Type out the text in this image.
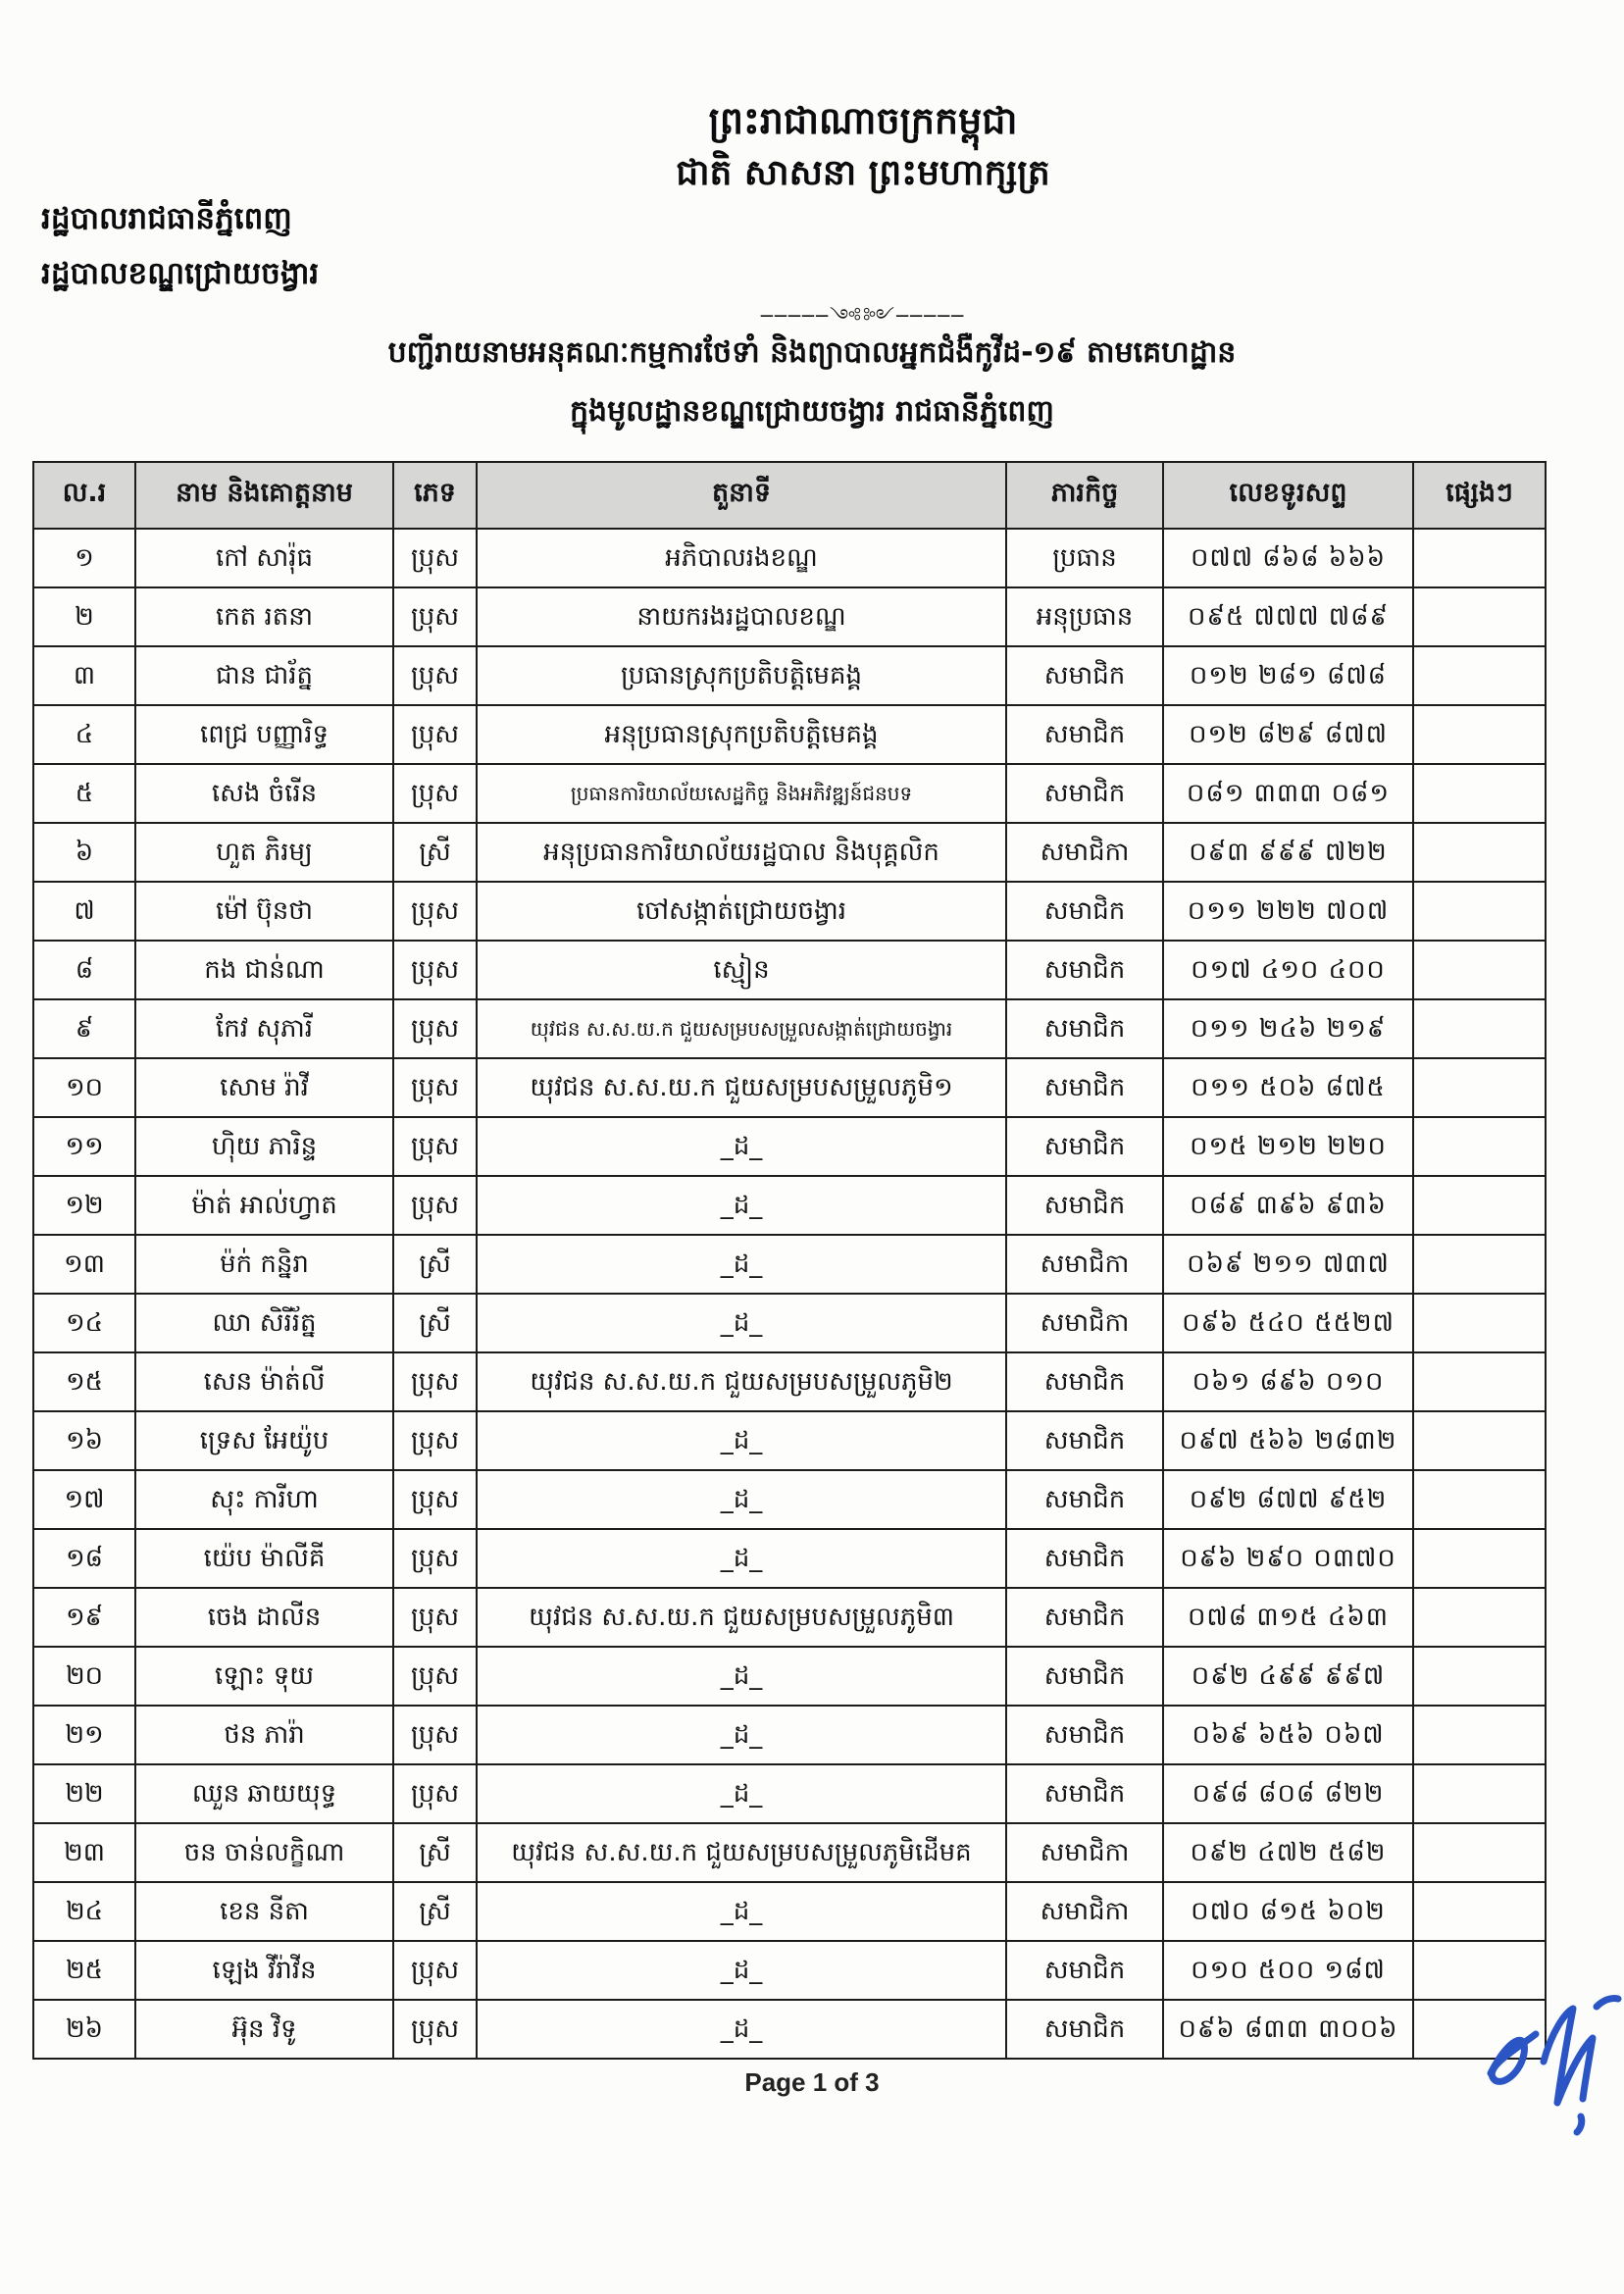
ព្រះរាជាណាចក្រកម្ពុជា
ជាតិ សាសនា ព្រះមហាក្សត្រ
─────༺༻─────
រដ្ឋបាលរាជធានីភ្នំពេញ
រដ្ឋបាលខណ្ឌជ្រោយចង្វារ
បញ្ជីរាយនាមអនុគណៈកម្មការថែទាំ និងព្យាបាលអ្នកជំងឺកូវីដ-១៩ តាមគេហដ្ឋាន
ក្នុងមូលដ្ឋានខណ្ឌជ្រោយចង្វារ រាជធានីភ្នំពេញ
ល.រ	នាម និងគោត្តនាម	ភេទ	តួនាទី	ភារកិច្ច	លេខទូរសព្ទ	ផ្សេងៗ
១	កៅ សារ៉ុធ	ប្រុស	អភិបាលរងខណ្ឌ	ប្រធាន	០៧៧ ៨៦៨ ៦៦៦	
២	កេត រតនា	ប្រុស	នាយករងរដ្ឋបាលខណ្ឌ	អនុប្រធាន	០៩៥ ៧៧៧ ៧៨៩	
៣	ជាន ជារ័ត្ន	ប្រុស	ប្រធានស្រុកប្រតិបត្តិមេគង្គ	សមាជិក	០១២ ២៨១ ៨៧៨	
៤	ពេជ្រ បញ្ញារិទ្ធ	ប្រុស	អនុប្រធានស្រុកប្រតិបត្តិមេគង្គ	សមាជិក	០១២ ៨២៩ ៨៧៧	
៥	សេង ចំរើន	ប្រុស	ប្រធានការិយាល័យសេដ្ឋកិច្ច និងអភិវឌ្ឍន៍ជនបទ	សមាជិក	០៨១ ៣៣៣ ០៨១	
៦	ហួត ភិរម្យ	ស្រី	អនុប្រធានការិយាល័យរដ្ឋបាល និងបុគ្គលិក	សមាជិកា	០៩៣ ៩៩៩ ៧២២	
៧	ម៉ៅ ប៊ុនថា	ប្រុស	ចៅសង្កាត់ជ្រោយចង្វារ	សមាជិក	០១១ ២២២ ៧០៧	
៨	កង ជាន់ណា	ប្រុស	ស្មៀន	សមាជិក	០១៧ ៤១០ ៤០០	
៩	កែវ សុភារី	ប្រុស	យុវជន ស.ស.យ.ក ជួយសម្របសម្រួលសង្កាត់ជ្រោយចង្វារ	សមាជិក	០១១ ២៤៦ ២១៩	
១០	សោម រ៉ាវី	ប្រុស	យុវជន ស.ស.យ.ក ជួយសម្របសម្រួលភូមិ១	សមាជិក	០១១ ៥០៦ ៨៧៥	
១១	ហ៊ិយ ភារិន្ទ	ប្រុស	_ដ_	សមាជិក	០១៥ ២១២ ២២០	
១២	ម៉ាត់ អាល់ហ្វាត	ប្រុស	_ដ_	សមាជិក	០៨៩ ៣៩៦ ៩៣៦	
១៣	ម៉ក់ កន្និរា	ស្រី	_ដ_	សមាជិកា	០៦៩ ២១១ ៧៣៧	
១៤	ឈា សិរីរ័ត្ន	ស្រី	_ដ_	សមាជិកា	០៩៦ ៥៤០ ៥៥២៧	
១៥	សេន ម៉ាត់លី	ប្រុស	យុវជន ស.ស.យ.ក ជួយសម្របសម្រួលភូមិ២	សមាជិក	០៦១ ៨៩៦ ០១០	
១៦	ទ្រេស អែយ៉ូប	ប្រុស	_ដ_	សមាជិក	០៩៧ ៥៦៦ ២៨៣២	
១៧	សុះ ការីហា	ប្រុស	_ដ_	សមាជិក	០៩២ ៨៧៧ ៩៥២	
១៨	យ៉េប ម៉ាលីគី	ប្រុស	_ដ_	សមាជិក	០៩៦ ២៩០ ០៣៧០	
១៩	ចេង ដាលីន	ប្រុស	យុវជន ស.ស.យ.ក ជួយសម្របសម្រួលភូមិ៣	សមាជិក	០៧៨ ៣១៥ ៤៦៣	
២០	ឡោះ ទុយ	ប្រុស	_ដ_	សមាជិក	០៩២ ៤៩៩ ៩៩៧	
២១	ថន ភារ៉ា	ប្រុស	_ដ_	សមាជិក	០៦៩ ៦៥៦ ០៦៧	
២២	ឈួន ឆាយយុទ្ធ	ប្រុស	_ដ_	សមាជិក	០៩៨ ៨០៨ ៨២២	
២៣	ចន ចាន់លក្ខិណា	ស្រី	យុវជន ស.ស.យ.ក ជួយសម្របសម្រួលភូមិដើមគ	សមាជិកា	០៩២ ៤៧២ ៥៨២	
២៤	ខេន នីតា	ស្រី	_ដ_	សមាជិកា	០៧០ ៨១៥ ៦០២	
២៥	ឡេង វីរ៉ាវីន	ប្រុស	_ដ_	សមាជិក	០១០ ៥០០ ១៨៧	
២៦	អ៊ុន វិទូ	ប្រុស	_ដ_	សមាជិក	០៩៦ ៨៣៣ ៣០០៦	
Page 1 of 3
